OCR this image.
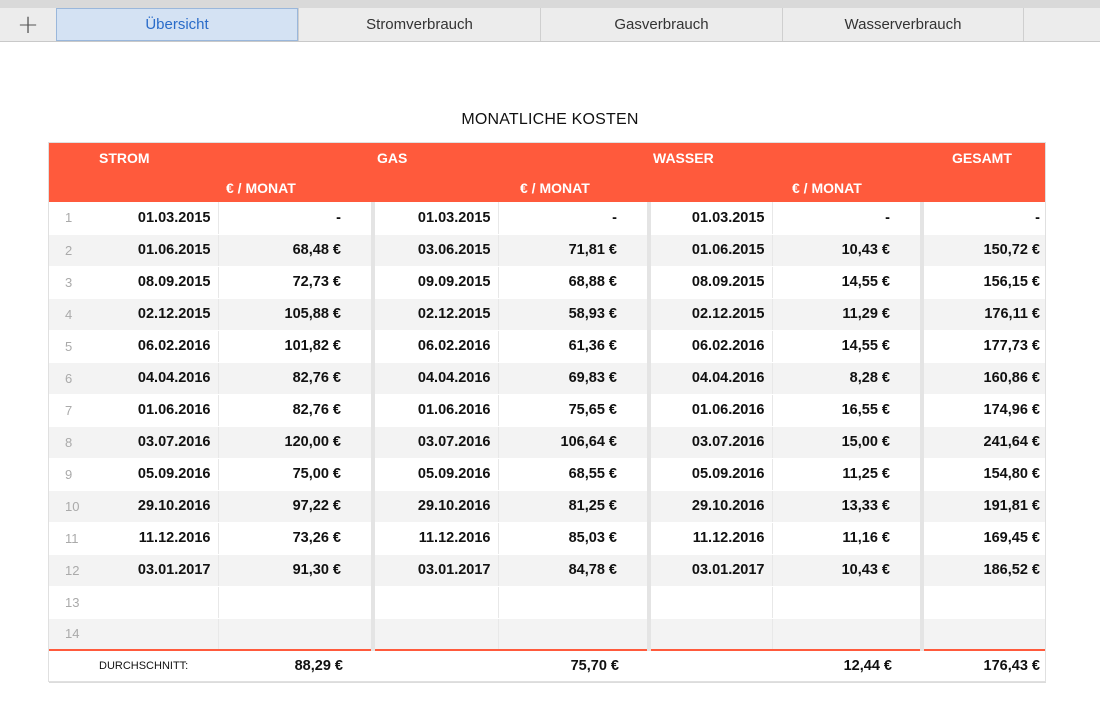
+	Übersicht	Stromverbrauch	Gasverbrauch	Wasserverbrauch
MONATLICHE KOSTEN
	STROM		GAS		WASSER		GESAMT
		€ / MONAT		€ / MONAT		€ / MONAT	
1	01.03.2015	-	01.03.2015	-	01.03.2015	-	-
2	01.06.2015	68,48 €	03.06.2015	71,81 €	01.06.2015	10,43 €	150,72 €
3	08.09.2015	72,73 €	09.09.2015	68,88 €	08.09.2015	14,55 €	156,15 €
4	02.12.2015	105,88 €	02.12.2015	58,93 €	02.12.2015	11,29 €	176,11 €
5	06.02.2016	101,82 €	06.02.2016	61,36 €	06.02.2016	14,55 €	177,73 €
6	04.04.2016	82,76 €	04.04.2016	69,83 €	04.04.2016	8,28 €	160,86 €
7	01.06.2016	82,76 €	01.06.2016	75,65 €	01.06.2016	16,55 €	174,96 €
8	03.07.2016	120,00 €	03.07.2016	106,64 €	03.07.2016	15,00 €	241,64 €
9	05.09.2016	75,00 €	05.09.2016	68,55 €	05.09.2016	11,25 €	154,80 €
10	29.10.2016	97,22 €	29.10.2016	81,25 €	29.10.2016	13,33 €	191,81 €
11	11.12.2016	73,26 €	11.12.2016	85,03 €	11.12.2016	11,16 €	169,45 €
12	03.01.2017	91,30 €	03.01.2017	84,78 €	03.01.2017	10,43 €	186,52 €
13							
14							
DURCHSCHNITT:		88,29 €		75,70 €		12,44 €	176,43 €
